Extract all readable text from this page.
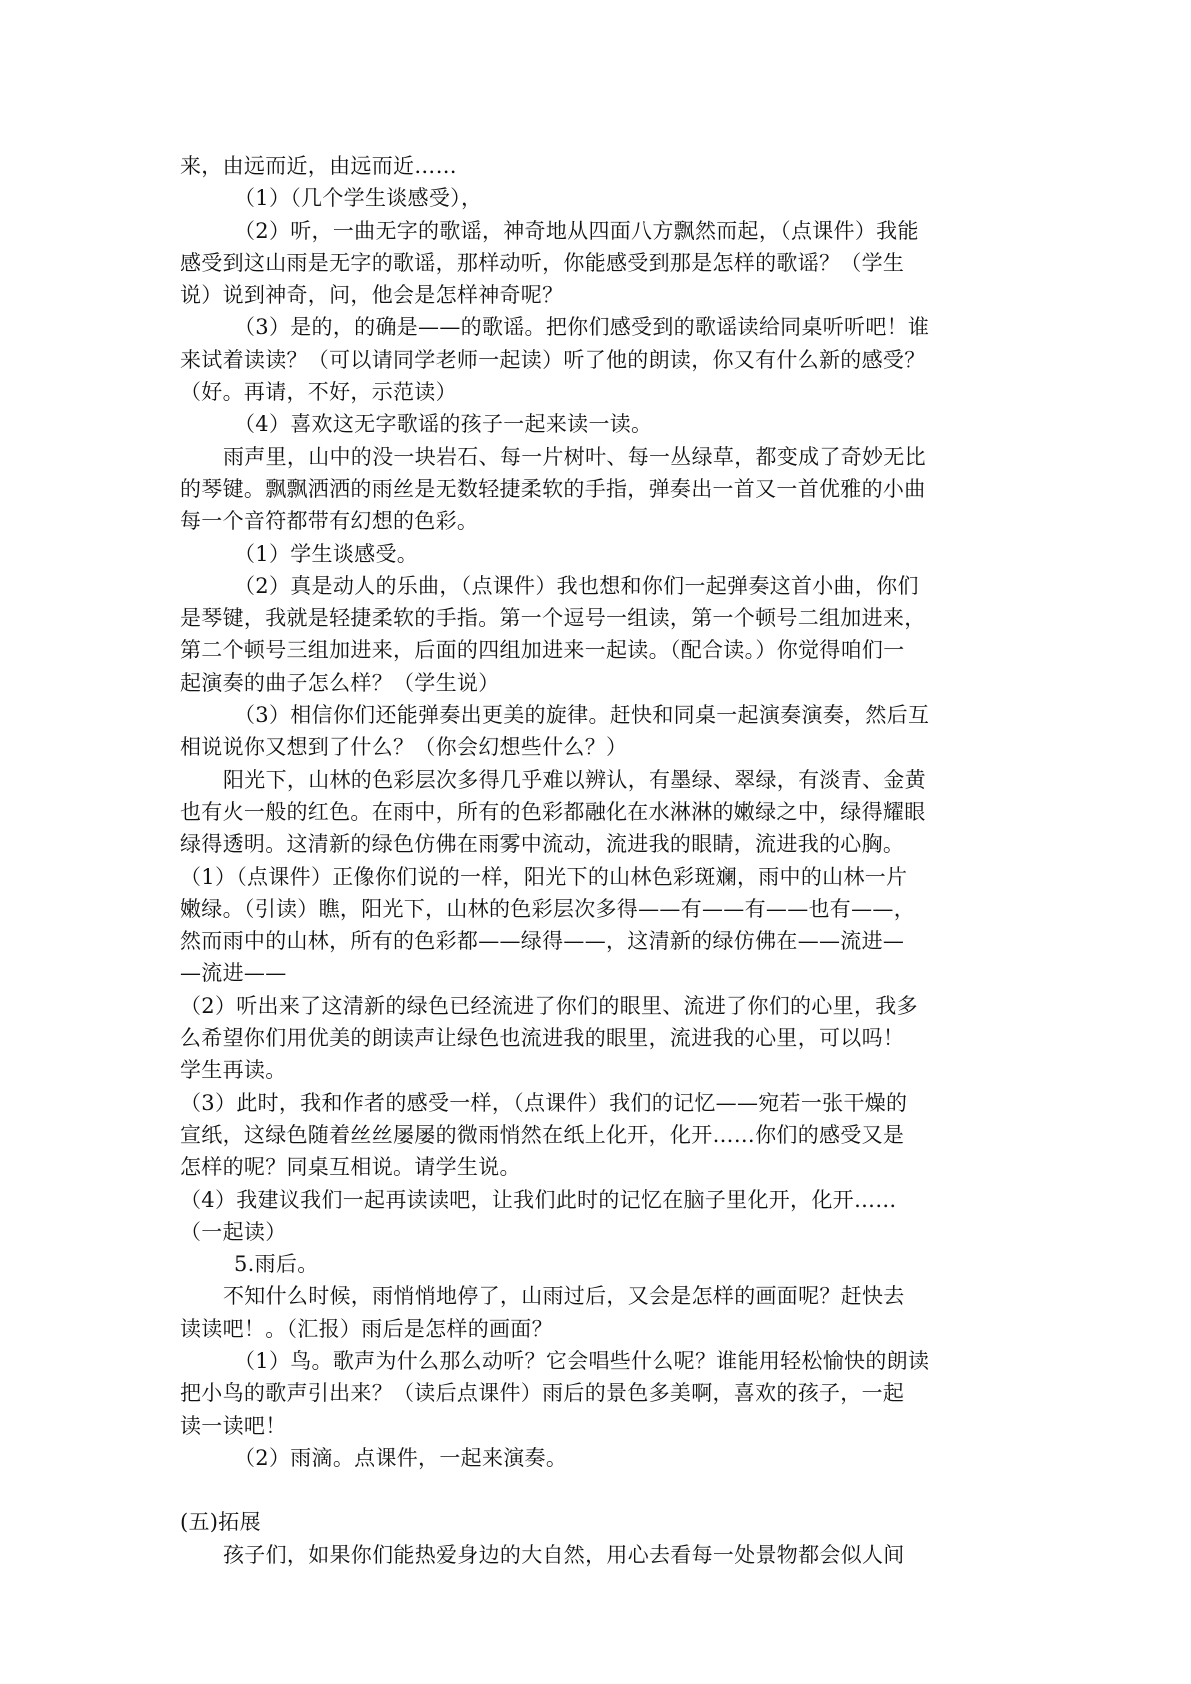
来，由远而近，由远而近……
（1）（几个学生谈感受），
（2）听，一曲无字的歌谣，神奇地从四面八方飘然而起，（点课件）我能
感受到这山雨是无字的歌谣，那样动听，你能感受到那是怎样的歌谣？（学生
说）说到神奇，问，他会是怎样神奇呢？
（3）是的，的确是——的歌谣。把你们感受到的歌谣读给同桌听听吧！谁
来试着读读？（可以请同学老师一起读）听了他的朗读，你又有什么新的感受？
（好。再请，不好，示范读）
（4）喜欢这无字歌谣的孩子一起来读一读。
雨声里，山中的没一块岩石、每一片树叶、每一丛绿草，都变成了奇妙无比
的琴键。飘飘洒洒的雨丝是无数轻捷柔软的手指，弹奏出一首又一首优雅的小曲
每一个音符都带有幻想的色彩。
（1）学生谈感受。
（2）真是动人的乐曲，（点课件）我也想和你们一起弹奏这首小曲，你们
是琴键，我就是轻捷柔软的手指。第一个逗号一组读，第一个顿号二组加进来，
第二个顿号三组加进来，后面的四组加进来一起读。（配合读。）你觉得咱们一
起演奏的曲子怎么样？（学生说）
（3）相信你们还能弹奏出更美的旋律。赶快和同桌一起演奏演奏，然后互
相说说你又想到了什么？（你会幻想些什么？）
阳光下，山林的色彩层次多得几乎难以辨认，有墨绿、翠绿，有淡青、金黄
也有火一般的红色。在雨中，所有的色彩都融化在水淋淋的嫩绿之中，绿得耀眼
绿得透明。这清新的绿色仿佛在雨雾中流动，流进我的眼睛，流进我的心胸。
（1）（点课件）正像你们说的一样，阳光下的山林色彩斑斓，雨中的山林一片
嫩绿。（引读）瞧，阳光下，山林的色彩层次多得——有——有——也有——，
然而雨中的山林，所有的色彩都——绿得——，这清新的绿仿佛在——流进—
—流进——
（2）听出来了这清新的绿色已经流进了你们的眼里、流进了你们的心里，我多
么希望你们用优美的朗读声让绿色也流进我的眼里，流进我的心里，可以吗！
学生再读。
（3）此时，我和作者的感受一样，（点课件）我们的记忆——宛若一张干燥的
宣纸，这绿色随着丝丝屡屡的微雨悄然在纸上化开，化开……你们的感受又是
怎样的呢？同桌互相说。请学生说。
（4）我建议我们一起再读读吧，让我们此时的记忆在脑子里化开，化开……
（一起读）
5.雨后。
不知什么时候，雨悄悄地停了，山雨过后，又会是怎样的画面呢？赶快去
读读吧！。（汇报）雨后是怎样的画面？
（1）鸟。歌声为什么那么动听？它会唱些什么呢？谁能用轻松愉快的朗读
把小鸟的歌声引出来？（读后点课件）雨后的景色多美啊，喜欢的孩子，一起
读一读吧！
（2）雨滴。点课件，一起来演奏。
(五)拓展
孩子们，如果你们能热爱身边的大自然，用心去看每一处景物都会似人间
